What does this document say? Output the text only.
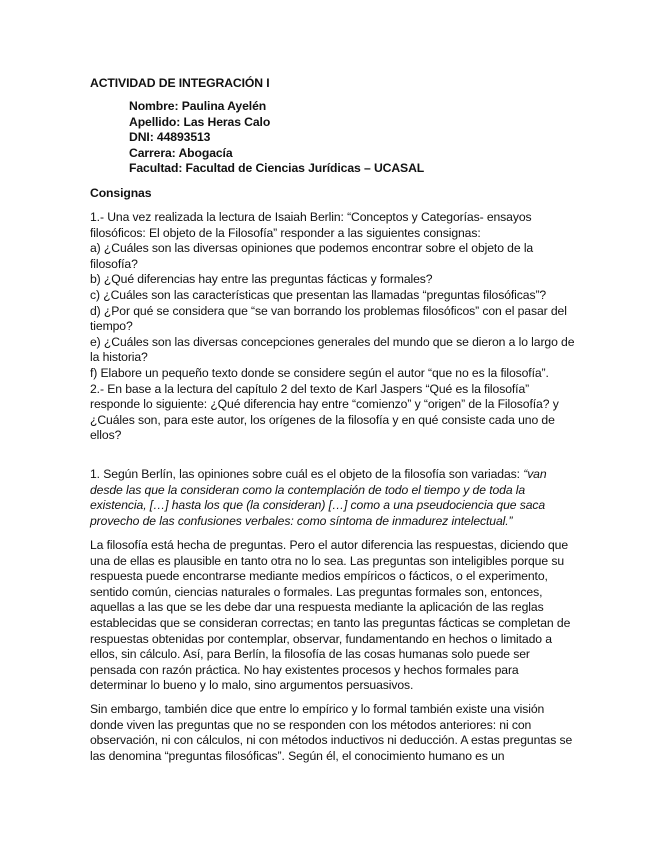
ACTIVIDAD DE INTEGRACIÓN I
Nombre: Paulina Ayelén
Apellido: Las Heras Calo
DNI: 44893513
Carrera: Abogacía
Facultad: Facultad de Ciencias Jurídicas – UCASAL
Consignas

1.- Una vez realizada la lectura de Isaiah Berlin: “Conceptos y Categorías- ensayos filosóficos: El objeto de la Filosofía” responder a las siguientes consignas:

a) ¿Cuáles son las diversas opiniones que podemos encontrar sobre el objeto de la filosofía?

b) ¿Qué diferencias hay entre las preguntas fácticas y formales?

c) ¿Cuáles son las características que presentan las llamadas “preguntas filosóficas”?

d) ¿Por qué se considera que “se van borrando los problemas filosóficos” con el pasar del tiempo?

e) ¿Cuáles son las diversas concepciones generales del mundo que se dieron a lo largo de la historia?

f) Elabore un pequeño texto donde se considere según el autor “que no es la filosofía”.

2.- En base a la lectura del capítulo 2 del texto de Karl Jaspers “Qué es la filosofía” responde lo siguiente: ¿Qué diferencia hay entre “comienzo” y “origen” de la Filosofía? y ¿Cuáles son, para este autor, los orígenes de la filosofía y en qué consiste cada uno de ellos?

1. Según Berlín, las opiniones sobre cuál es el objeto de la filosofía son variadas: “van desde las que la consideran como la contemplación de todo el tiempo y de toda la existencia, […] hasta los que (la consideran) […] como a una pseudociencia que saca provecho de las confusiones verbales: como síntoma de inmadurez intelectual.”
La filosofía está hecha de preguntas. Pero el autor diferencia las respuestas, diciendo que una de ellas es plausible en tanto otra no lo sea. Las preguntas son inteligibles porque su respuesta puede encontrarse mediante medios empíricos o fácticos, o el experimento, sentido común, ciencias naturales o formales. Las preguntas formales son, entonces, aquellas a las que se les debe dar una respuesta mediante la aplicación de las reglas establecidas que se consideran correctas; en tanto las preguntas fácticas se completan de respuestas obtenidas por contemplar, observar, fundamentando en hechos o limitado a ellos, sin cálculo. Así, para Berlín, la filosofía de las cosas humanas solo puede ser pensada con razón práctica. No hay existentes procesos y hechos formales para determinar lo bueno y lo malo, sino argumentos persuasivos.
Sin embargo, también dice que entre lo empírico y lo formal también existe una visión donde viven las preguntas que no se responden con los métodos anteriores: ni con observación, ni con cálculos, ni con métodos inductivos ni deducción. A estas preguntas se las denomina “preguntas filosóficas”. Según él, el conocimiento humano es un
